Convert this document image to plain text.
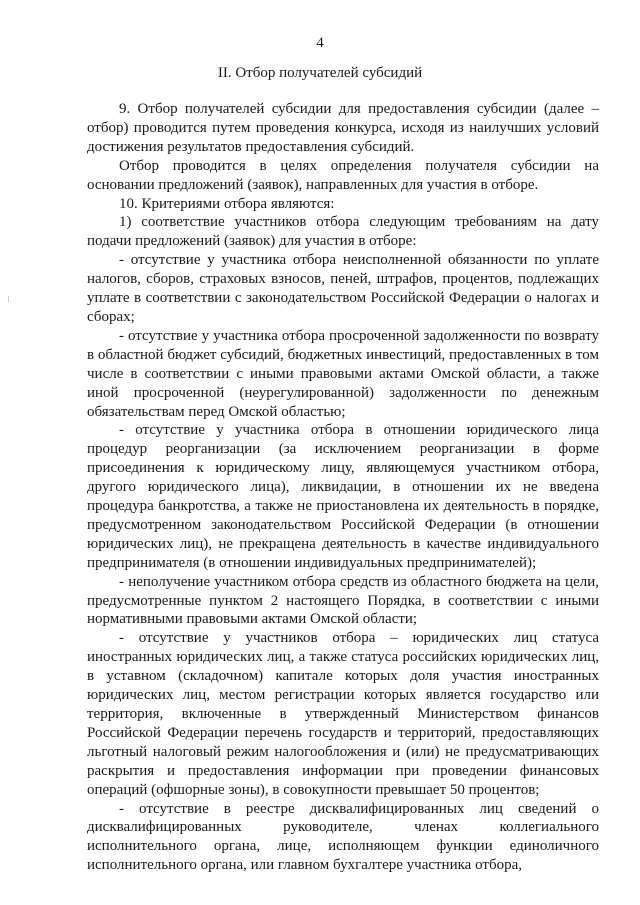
4
II. Отбор получателей субсидий

9. Отбор получателей субсидии для предоставления субсидии (далее – отбор) проводится путем проведения конкурса, исходя из наилучших условий достижения результатов предоставления субсидий.

Отбор проводится в целях определения получателя субсидии на основании предложений (заявок), направленных для участия в отборе.

10. Критериями отбора являются:

1) соответствие участников отбора следующим требованиям на дату подачи предложений (заявок) для участия в отборе:

- отсутствие у участника отбора неисполненной обязанности по уплате налогов, сборов, страховых взносов, пеней, штрафов, процентов, подлежащих уплате в соответствии с законодательством Российской Федерации о налогах и сборах;

- отсутствие у участника отбора просроченной задолженности по возврату в областной бюджет субсидий, бюджетных инвестиций, предоставленных в том числе в соответствии с иными правовыми актами Омской области, а также иной просроченной (неурегулированной) задолженности по денежным обязательствам перед Омской областью;

- отсутствие у участника отбора в отношении юридического лица процедур реорганизации (за исключением реорганизации в форме присоединения к юридическому лицу, являющемуся участником отбора, другого юридического лица), ликвидации, в отношении их не введена процедура банкротства, а также не приостановлена их деятельность в порядке, предусмотренном законодательством Российской Федерации (в отношении юридических лиц), не прекращена деятельность в качестве индивидуального предпринимателя (в отношении индивидуальных предпринимателей);

- неполучение участником отбора средств из областного бюджета на цели, предусмотренные пунктом 2 настоящего Порядка, в соответствии с иными нормативными правовыми актами Омской области;

- отсутствие у участников отбора – юридических лиц статуса иностранных юридических лиц, а также статуса российских юридических лиц, в уставном (складочном) капитале которых доля участия иностранных юридических лиц, местом регистрации которых является государство или территория, включенные в утвержденный Министерством финансов Российской Федерации перечень государств и территорий, предоставляющих льготный налоговый режим налогообложения и (или) не предусматривающих раскрытия и предоставления информации при проведении финансовых операций (офшорные зоны), в совокупности превышает 50 процентов;

- отсутствие в реестре дисквалифицированных лиц сведений о дисквалифицированных руководителе, членах коллегиального исполнительного органа, лице, исполняющем функции единоличного исполнительного органа, или главном бухгалтере участника отбора,
